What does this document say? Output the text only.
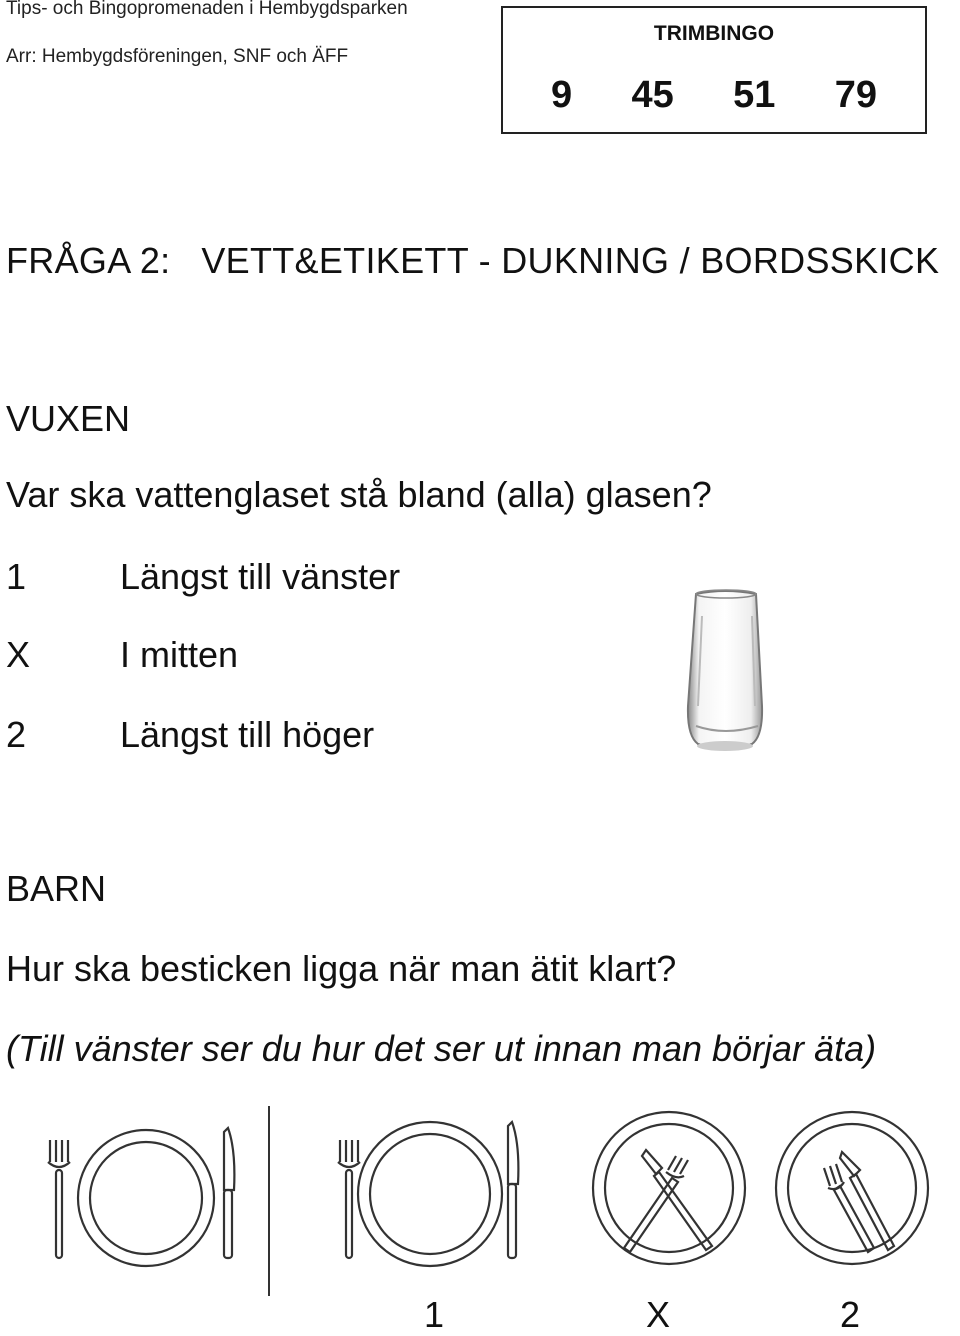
Tips- och Bingopromenaden i Hembygdsparken
Arr: Hembygdsföreningen, SNF och ÄFF
TRIMBINGO
9 45 51 79
FRÅGA 2:   VETT&ETIKETT - DUKNING / BORDSSKICK
VUXEN
Var ska vattenglaset stå bland (alla) glasen?
1	Längst till vänster
X I mitten
2	Längst till höger
BARN
Hur ska besticken ligga när man ätit klart?
(Till vänster ser du hur det ser ut innan man börjar äta)
1	X	2
